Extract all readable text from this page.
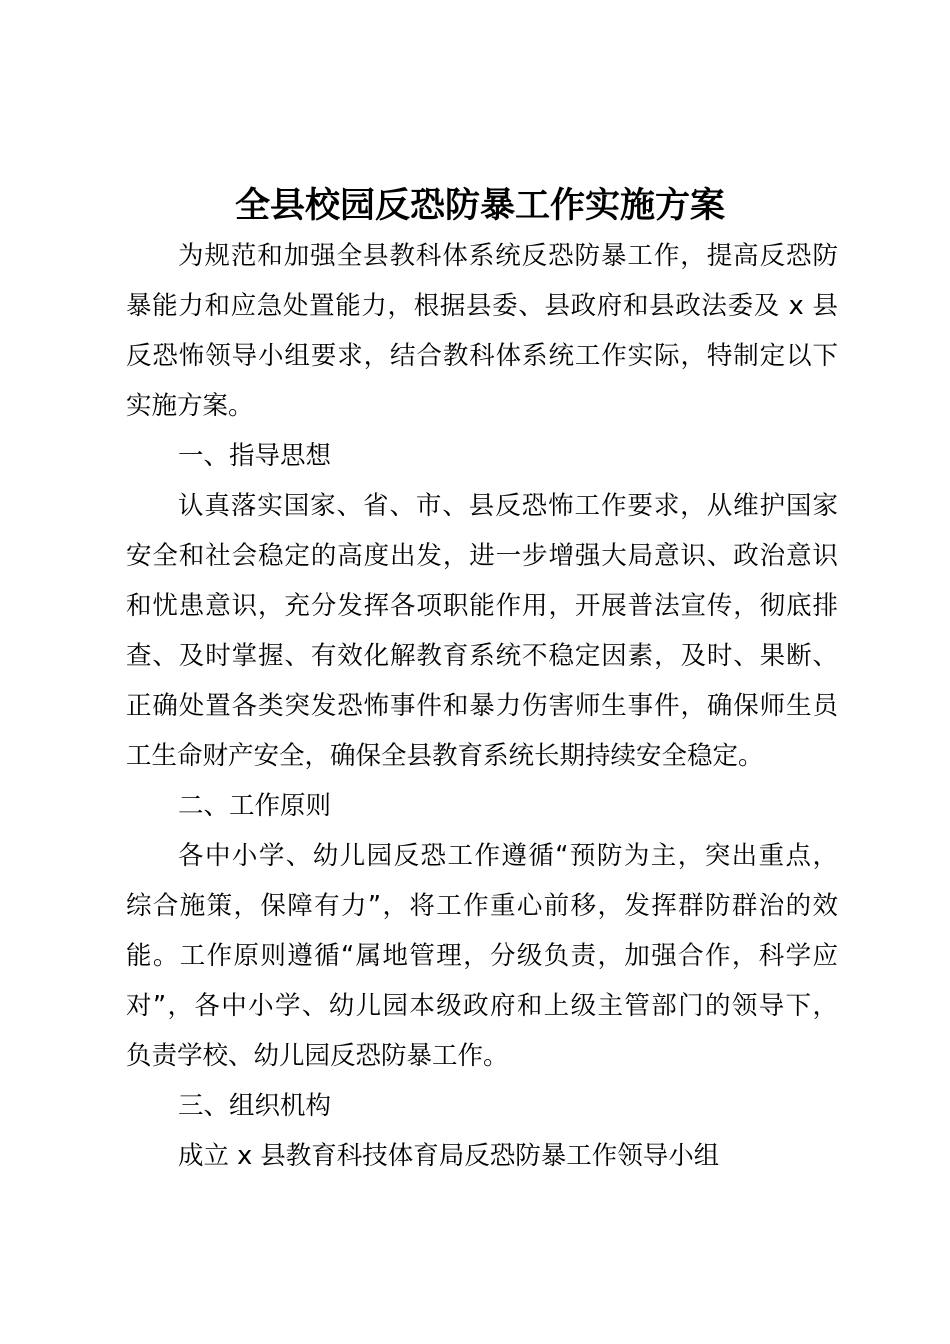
全县校园反恐防暴工作实施方案
为规范和加强全县教科体系统反恐防暴工作，提高反恐防
暴能力和应急处置能力，根据县委、县政府和县政法委及 x 县
反恐怖领导小组要求，结合教科体系统工作实际，特制定以下
实施方案。
一、指导思想
认真落实国家、省、市、县反恐怖工作要求，从维护国家
安全和社会稳定的高度出发，进一步增强大局意识、政治意识
和忧患意识，充分发挥各项职能作用，开展普法宣传，彻底排
查、及时掌握、有效化解教育系统不稳定因素，及时、果断、
正确处置各类突发恐怖事件和暴力伤害师生事件，确保师生员
工生命财产安全，确保全县教育系统长期持续安全稳定。
二、工作原则
各中小学、幼儿园反恐工作遵循“预防为主，突出重点，
综合施策，保障有力”，将工作重心前移，发挥群防群治的效
能。工作原则遵循“属地管理，分级负责，加强合作，科学应
对”，各中小学、幼儿园本级政府和上级主管部门的领导下，
负责学校、幼儿园反恐防暴工作。
三、组织机构
成立 x 县教育科技体育局反恐防暴工作领导小组
